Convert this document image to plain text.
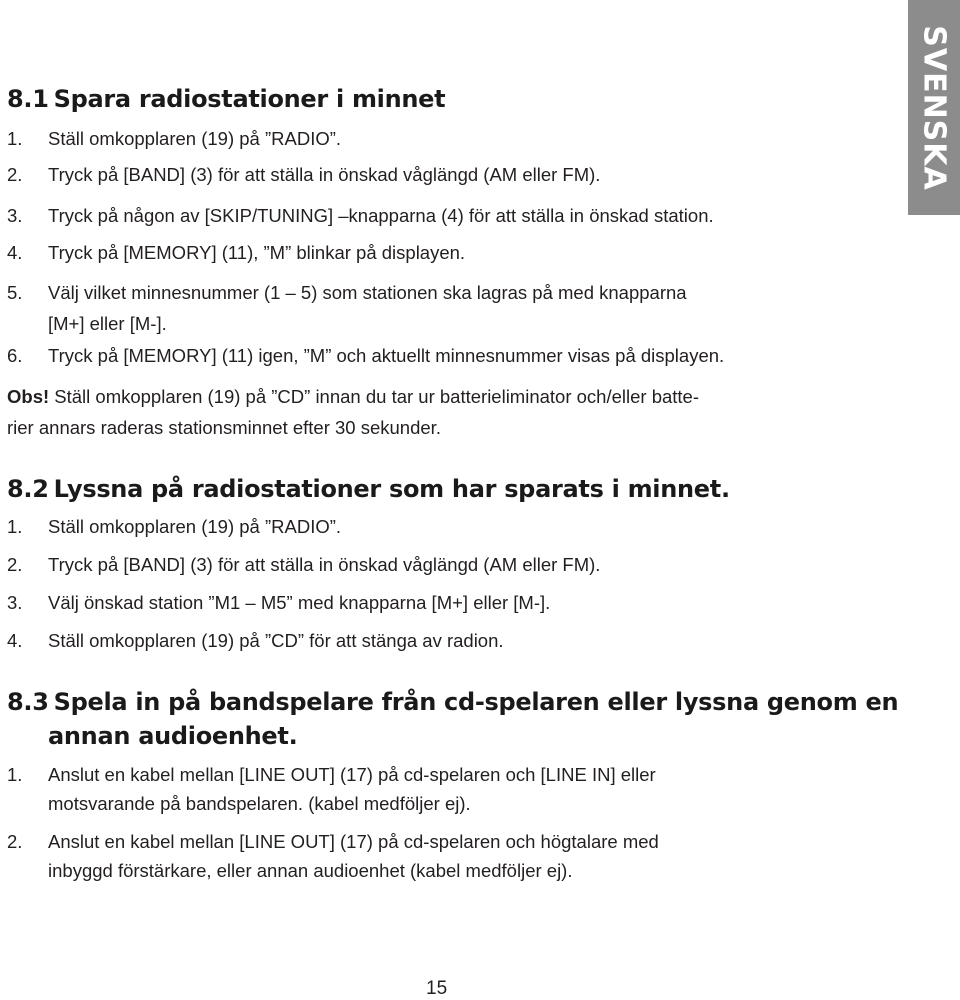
SVENSKA
8.1 Spara radiostationer i minnet
1. Ställ omkopplaren (19) på ”RADIO”.
2. Tryck på [BAND] (3) för att ställa in önskad våglängd (AM eller FM).
3. Tryck på någon av [SKIP/TUNING] –knapparna (4) för att ställa in önskad station.
4. Tryck på [MEMORY] (11), ”M” blinkar på displayen.
5. Välj vilket minnesnummer (1 – 5) som stationen ska lagras på med knapparna
[M+] eller [M-].
6. Tryck på [MEMORY] (11) igen, ”M” och aktuellt minnesnummer visas på displayen.
Obs! Ställ omkopplaren (19) på ”CD” innan du tar ur batterieliminator och/eller batte-
rier annars raderas stationsminnet efter 30 sekunder.
8.2 Lyssna på radiostationer som har sparats i minnet.
1. Ställ omkopplaren (19) på ”RADIO”.
2. Tryck på [BAND] (3) för att ställa in önskad våglängd (AM eller FM).
3. Välj önskad station ”M1 – M5” med knapparna [M+] eller [M-].
4. Ställ omkopplaren (19) på ”CD” för att stänga av radion.
8.3 Spela in på bandspelare från cd-spelaren eller lyssna genom en
annan audioenhet.
1. Anslut en kabel mellan [LINE OUT] (17) på cd-spelaren och [LINE IN] eller
motsvarande på bandspelaren. (kabel medföljer ej).
2. Anslut en kabel mellan [LINE OUT] (17) på cd-spelaren och högtalare med
inbyggd förstärkare, eller annan audioenhet (kabel medföljer ej).
15
